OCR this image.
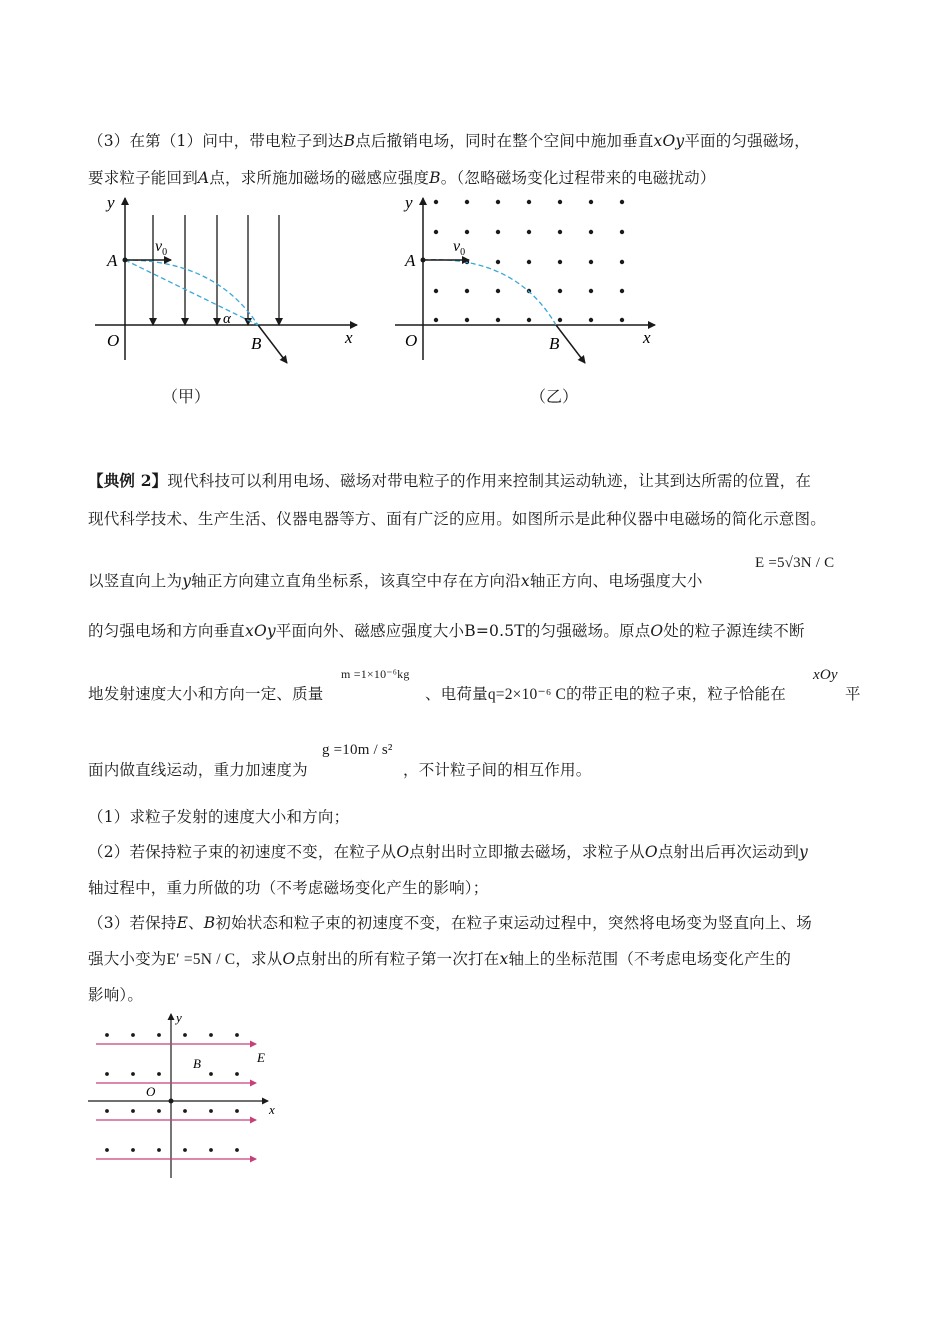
（3）在第（1）问中，带电粒子到达B点后撤销电场，同时在整个空间中施加垂直xOy平面的匀强磁场，
要求粒子能回到A点，求所施加磁场的磁感应强度B。（忽略磁场变化过程带来的电磁扰动）
y
x
O
A
B
α
$v_0$
（甲）
y
x
O
A
B
$v_0$
（乙）
【典例 2】现代科技可以利用电场、磁场对带电粒子的作用来控制其运动轨迹，让其到达所需的位置，在
现代科学技术、生产生活、仪器电器等方、面有广泛的应用。如图所示是此种仪器中电磁场的简化示意图。
以竖直向上为y轴正方向建立直角坐标系，该真空中存在方向沿x轴正方向、电场强度大小
E =5√3N / C
的匀强电场和方向垂直xOy平面向外、磁感应强度大小B=0.5T的匀强磁场。原点O处的粒子源连续不断
地发射速度大小和方向一定、质量
m =1×10⁻⁶kg
、电荷量q=2×10⁻⁶ C的带正电的粒子束，粒子恰能在
xOy
平
面内做直线运动，重力加速度为
g =10m / s²
，不计粒子间的相互作用。
（1）求粒子发射的速度大小和方向；
（2）若保持粒子束的初速度不变，在粒子从O点射出时立即撤去磁场，求粒子从O点射出后再次运动到y
轴过程中，重力所做的功（不考虑磁场变化产生的影响）；
（3）若保持E、B初始状态和粒子束的初速度不变，在粒子束运动过程中，突然将电场变为竖直向上、场
强大小变为E′ =5N / C，求从O点射出的所有粒子第一次打在x轴上的坐标范围（不考虑电场变化产生的
影响）。
y
x
O
B	E
